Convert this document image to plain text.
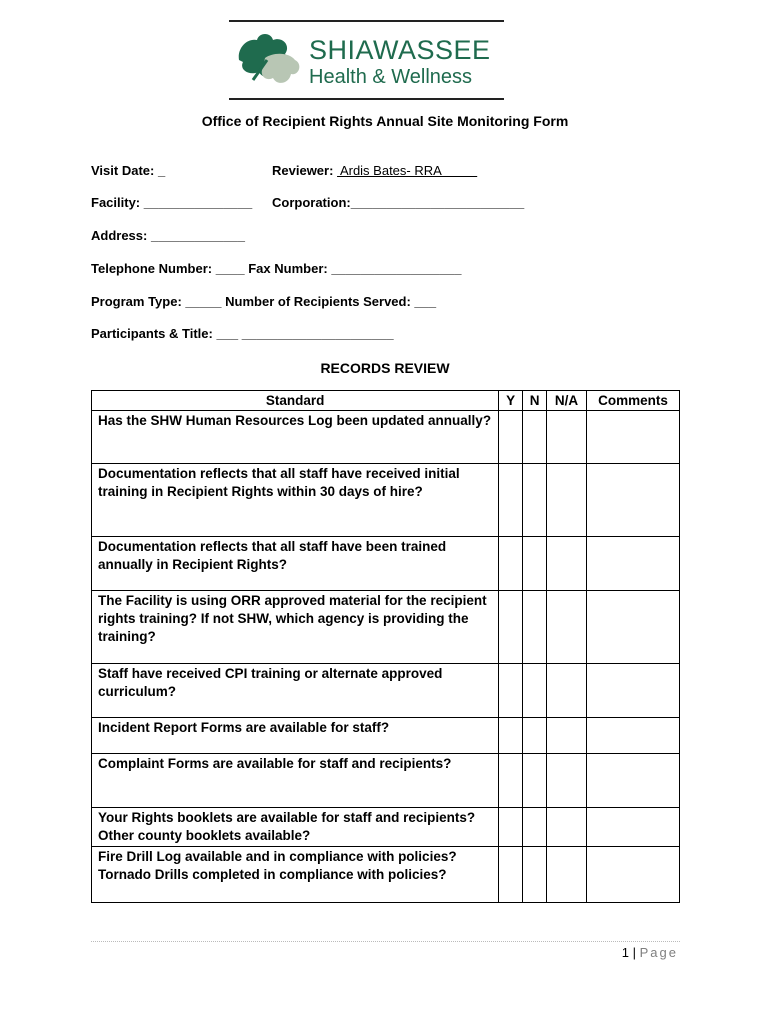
SHIAWASSEE
Health & Wellness
Office of Recipient Rights Annual Site Monitoring Form
Visit Date: _	Reviewer:  Ardis Bates- RRA
Facility: _______________ Corporation:________________________
Address: _____________
Telephone Number: ____ Fax Number: __________________
Program Type: _____ Number of Recipients Served: ___
Participants & Title: ___ _____________________
RECORDS REVIEW
Standard	Y	N	N/A	Comments
Has the SHW Human Resources Log been updated annually?				
Documentation reflects that all staff have received initial training in Recipient Rights within 30 days of hire?				
Documentation reflects that all staff have been trained annually in Recipient Rights?				
The Facility is using ORR approved material for the recipient rights training? If not SHW, which agency is providing the training?				
Staff have received CPI training or alternate approved curriculum?				
Incident Report Forms are available for staff?				
Complaint Forms are available for staff and recipients?				
Your Rights booklets are available for staff and recipients? Other county booklets available?				
Fire Drill Log available and in compliance with policies? Tornado Drills completed in compliance with policies?				
1 | Page
